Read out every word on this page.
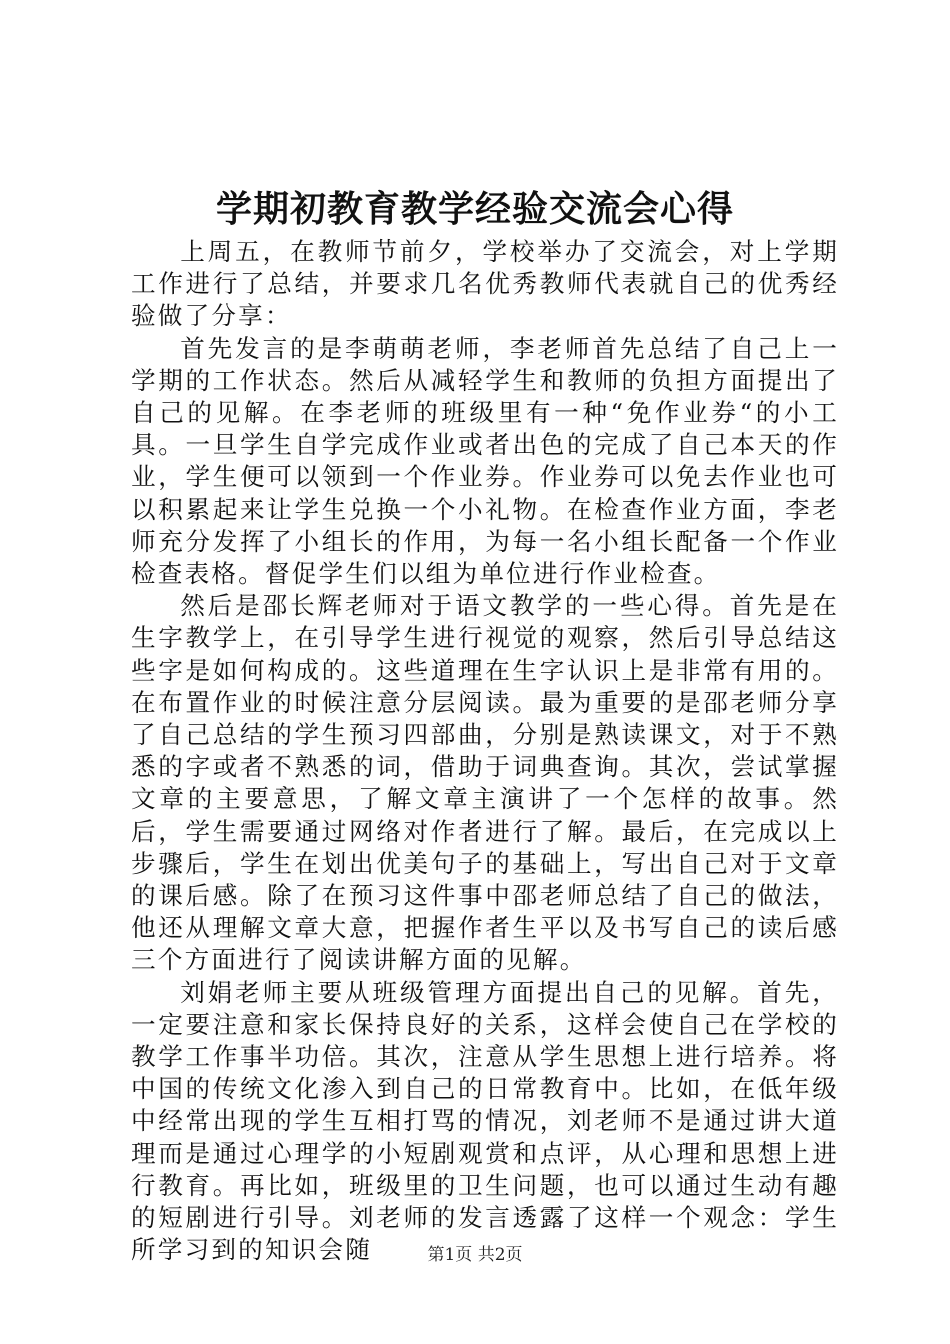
学期初教育教学经验交流会心得

上周五，在教师节前夕，学校举办了交流会，对上学期工作进行了总结，并要求几名优秀教师代表就自己的优秀经验做了分享：

首先发言的是李萌萌老师，李老师首先总结了自己上一学期的工作状态。然后从减轻学生和教师的负担方面提出了自己的见解。在李老师的班级里有一种“免作业券“的小工具。一旦学生自学完成作业或者出色的完成了自己本天的作业，学生便可以领到一个作业券。作业券可以免去作业也可以积累起来让学生兑换一个小礼物。在检查作业方面，李老师充分发挥了小组长的作用，为每一名小组长配备一个作业检查表格。督促学生们以组为单位进行作业检查。

然后是邵长辉老师对于语文教学的一些心得。首先是在生字教学上，在引导学生进行视觉的观察，然后引导总结这些字是如何构成的。这些道理在生字认识上是非常有用的。在布置作业的时候注意分层阅读。最为重要的是邵老师分享了自己总结的学生预习四部曲，分别是熟读课文，对于不熟悉的字或者不熟悉的词，借助于词典查询。其次，尝试掌握文章的主要意思，了解文章主演讲了一个怎样的故事。然后，学生需要通过网络对作者进行了解。最后，在完成以上步骤后，学生在划出优美句子的基础上，写出自己对于文章的课后感。除了在预习这件事中邵老师总结了自己的做法，他还从理解文章大意，把握作者生平以及书写自己的读后感三个方面进行了阅读讲解方面的见解。

刘娟老师主要从班级管理方面提出自己的见解。首先，一定要注意和家长保持良好的关系，这样会使自己在学校的教学工作事半功倍。其次，注意从学生思想上进行培养。将中国的传统文化渗入到自己的日常教育中。比如，在低年级中经常出现的学生互相打骂的情况，刘老师不是通过讲大道理而是通过心理学的小短剧观赏和点评，从心理和思想上进行教育。再比如，班级里的卫生问题，也可以通过生动有趣的短剧进行引导。刘老师的发言透露了这样一个观念：学生所学习到的知识会随	第1页 共2页
